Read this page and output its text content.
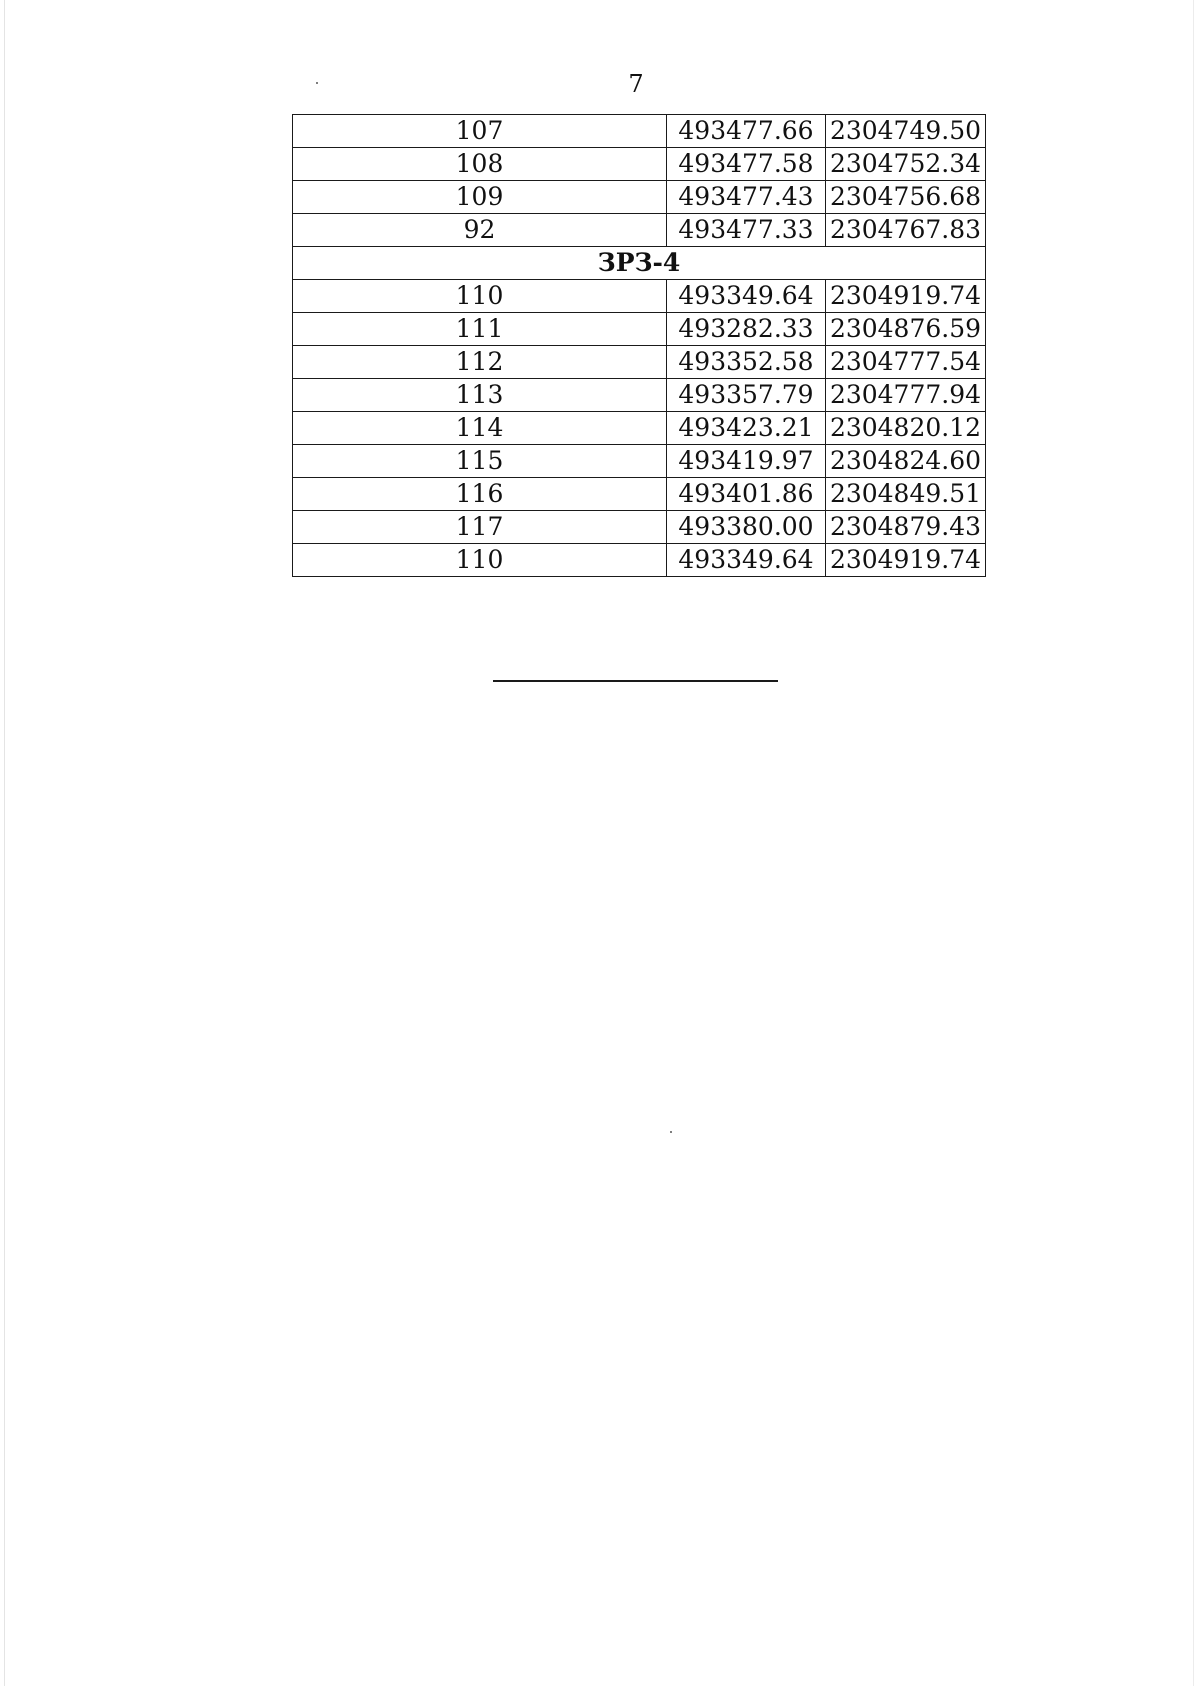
7
107	493477.66	2304749.50
108	493477.58	2304752.34
109	493477.43	2304756.68
92	493477.33	2304767.83
ЗРЗ-4		
110	493349.64	2304919.74
111	493282.33	2304876.59
112	493352.58	2304777.54
113	493357.79	2304777.94
114	493423.21	2304820.12
115	493419.97	2304824.60
116	493401.86	2304849.51
117	493380.00	2304879.43
110	493349.64	2304919.74
